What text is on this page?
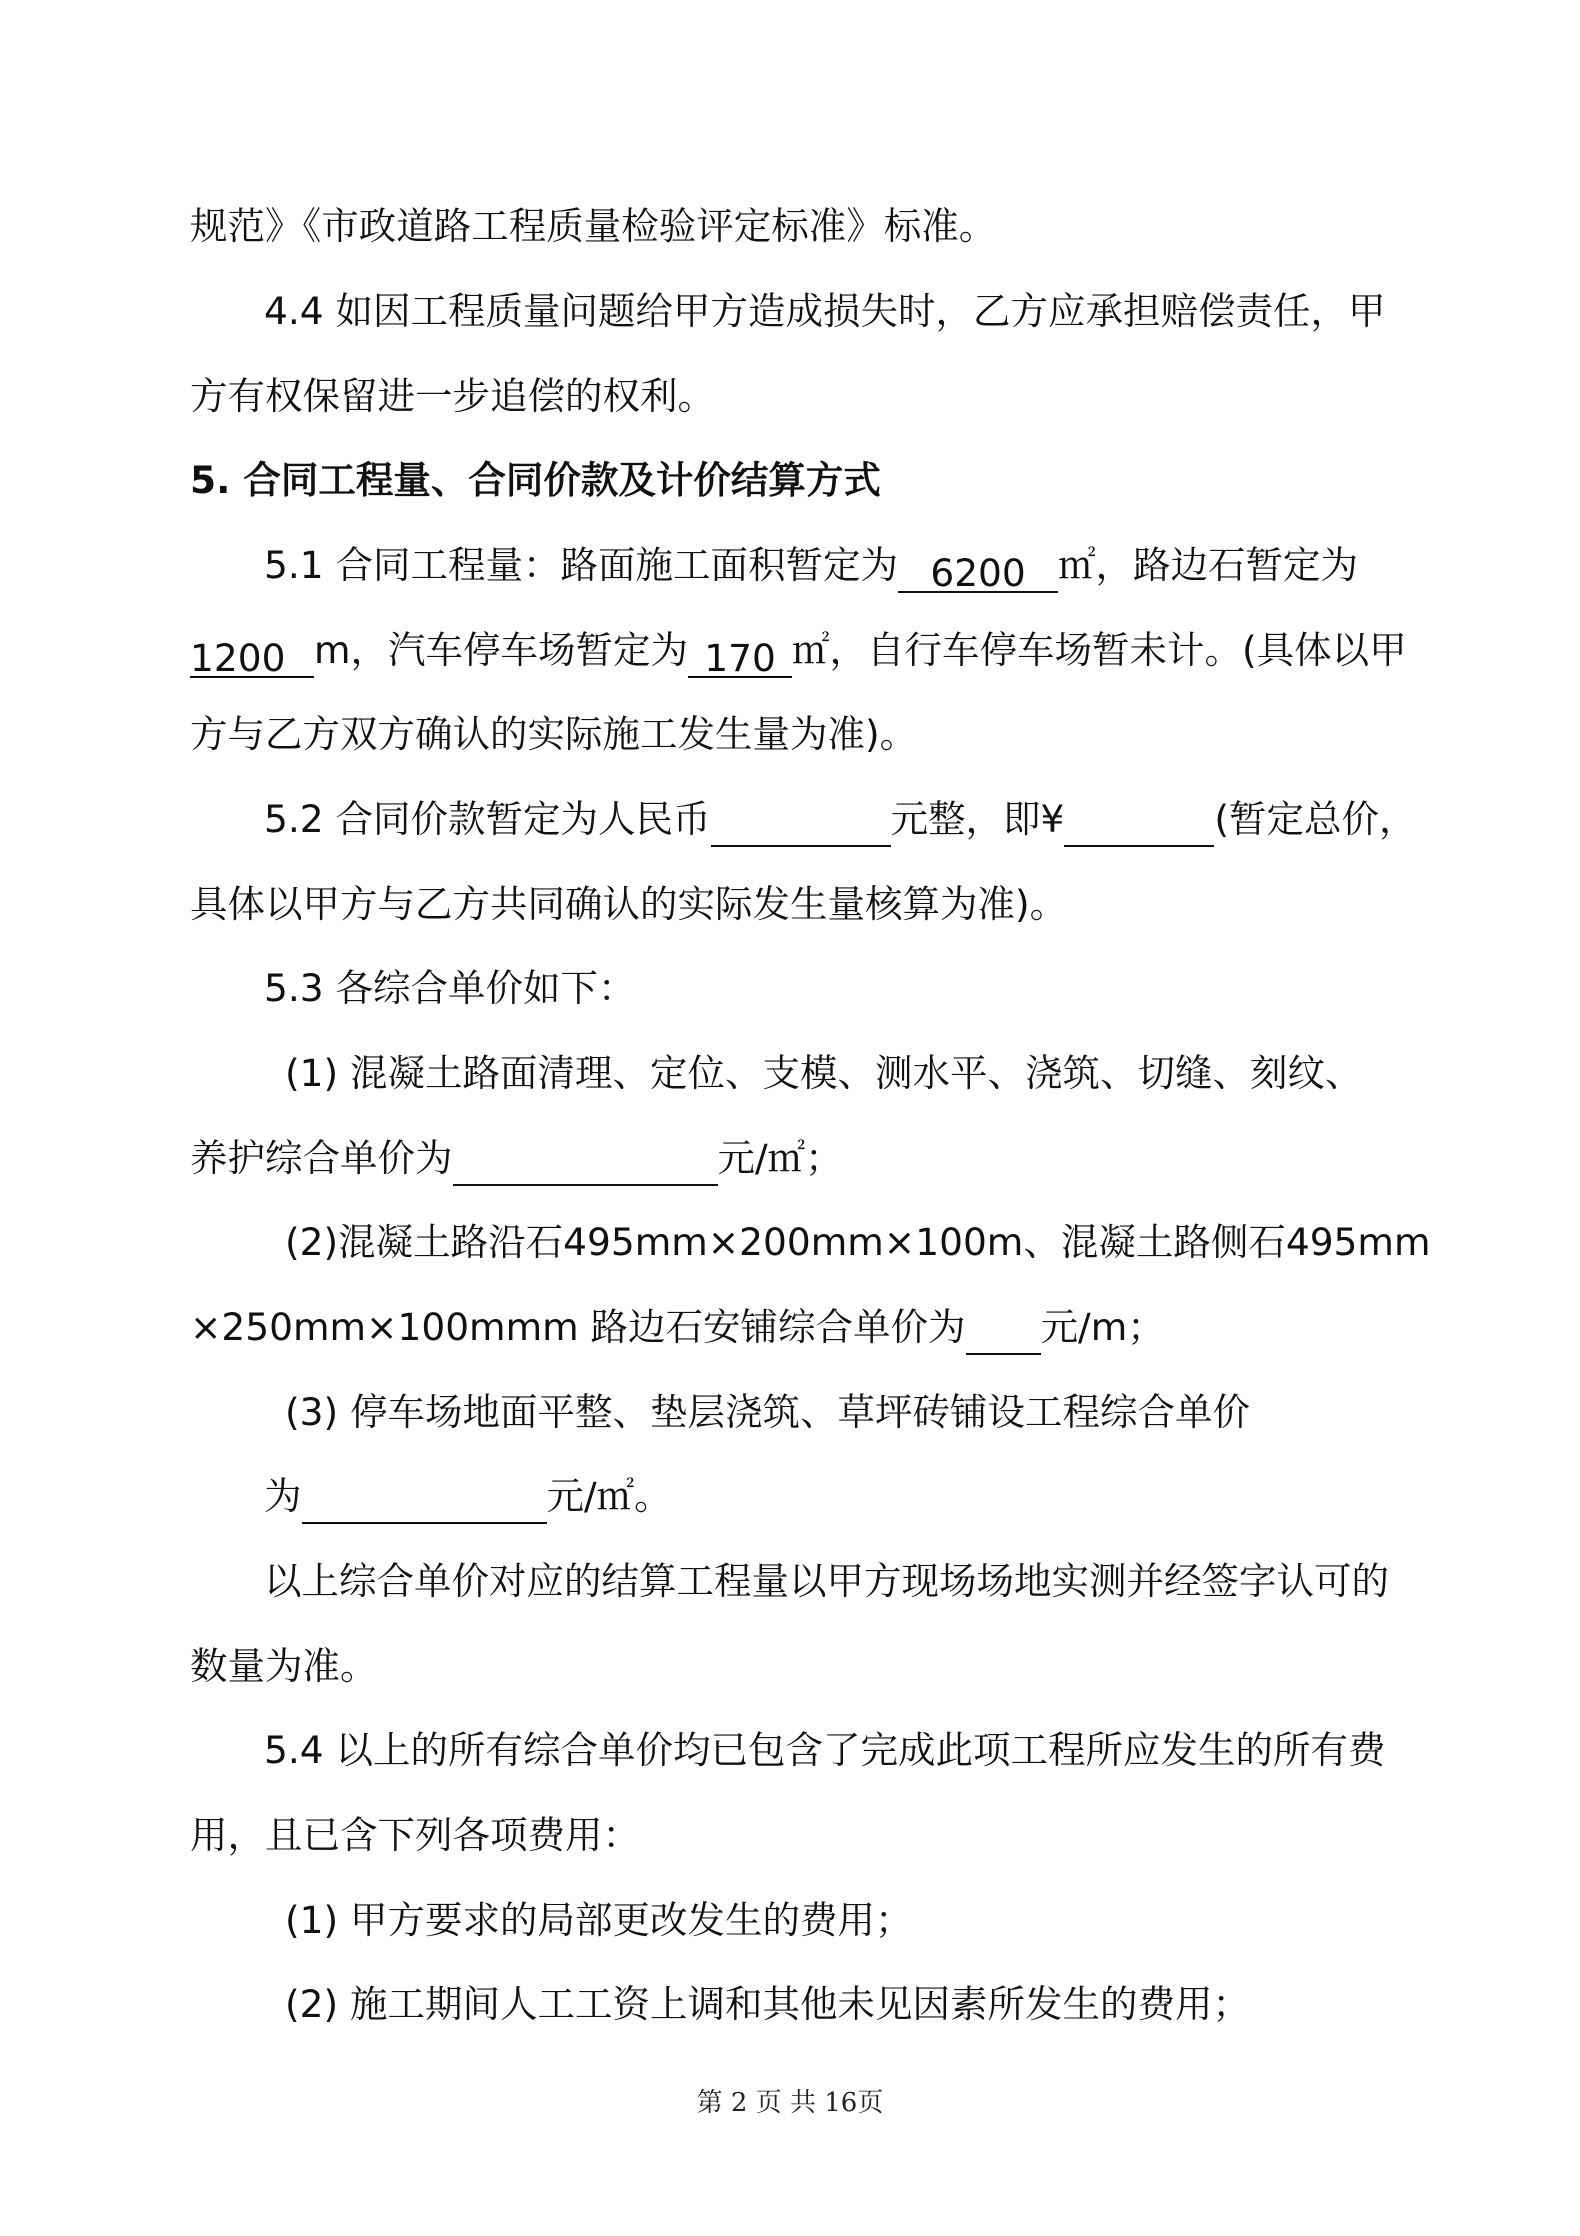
规范》《市政道路工程质量检验评定标准》标准。
4.4 如因工程质量问题给甲方造成损失时，乙方应承担赔偿责任，甲
方有权保留进一步追偿的权利。
5. 合同工程量、合同价款及计价结算方式
5.1 合同工程量：路面施工面积暂定为 6200 ㎡，路边石暂定为
1200 m，汽车停车场暂定为 170 ㎡，自行车停车场暂未计。(具体以甲
方与乙方双方确认的实际施工发生量为准)。
5.2 合同价款暂定为人民币	元整，即¥	(暂定总价，
具体以甲方与乙方共同确认的实际发生量核算为准)。
5.3 各综合单价如下：
(1) 混凝土路面清理、定位、支模、测水平、浇筑、切缝、刻纹、
养护综合单价为	元/㎡；
(2)混凝土路沿石495mm×200mm×100m、混凝土路侧石495mm
×250mm×100mmm 路边石安铺综合单价为 元/m；
(3) 停车场地面平整、垫层浇筑、草坪砖铺设工程综合单价
为	元/㎡。
以上综合单价对应的结算工程量以甲方现场场地实测并经签字认可的
数量为准。
5.4 以上的所有综合单价均已包含了完成此项工程所应发生的所有费
用，且已含下列各项费用：
(1) 甲方要求的局部更改发生的费用；
(2) 施工期间人工工资上调和其他未见因素所发生的费用；
第 2 页 共 16页
